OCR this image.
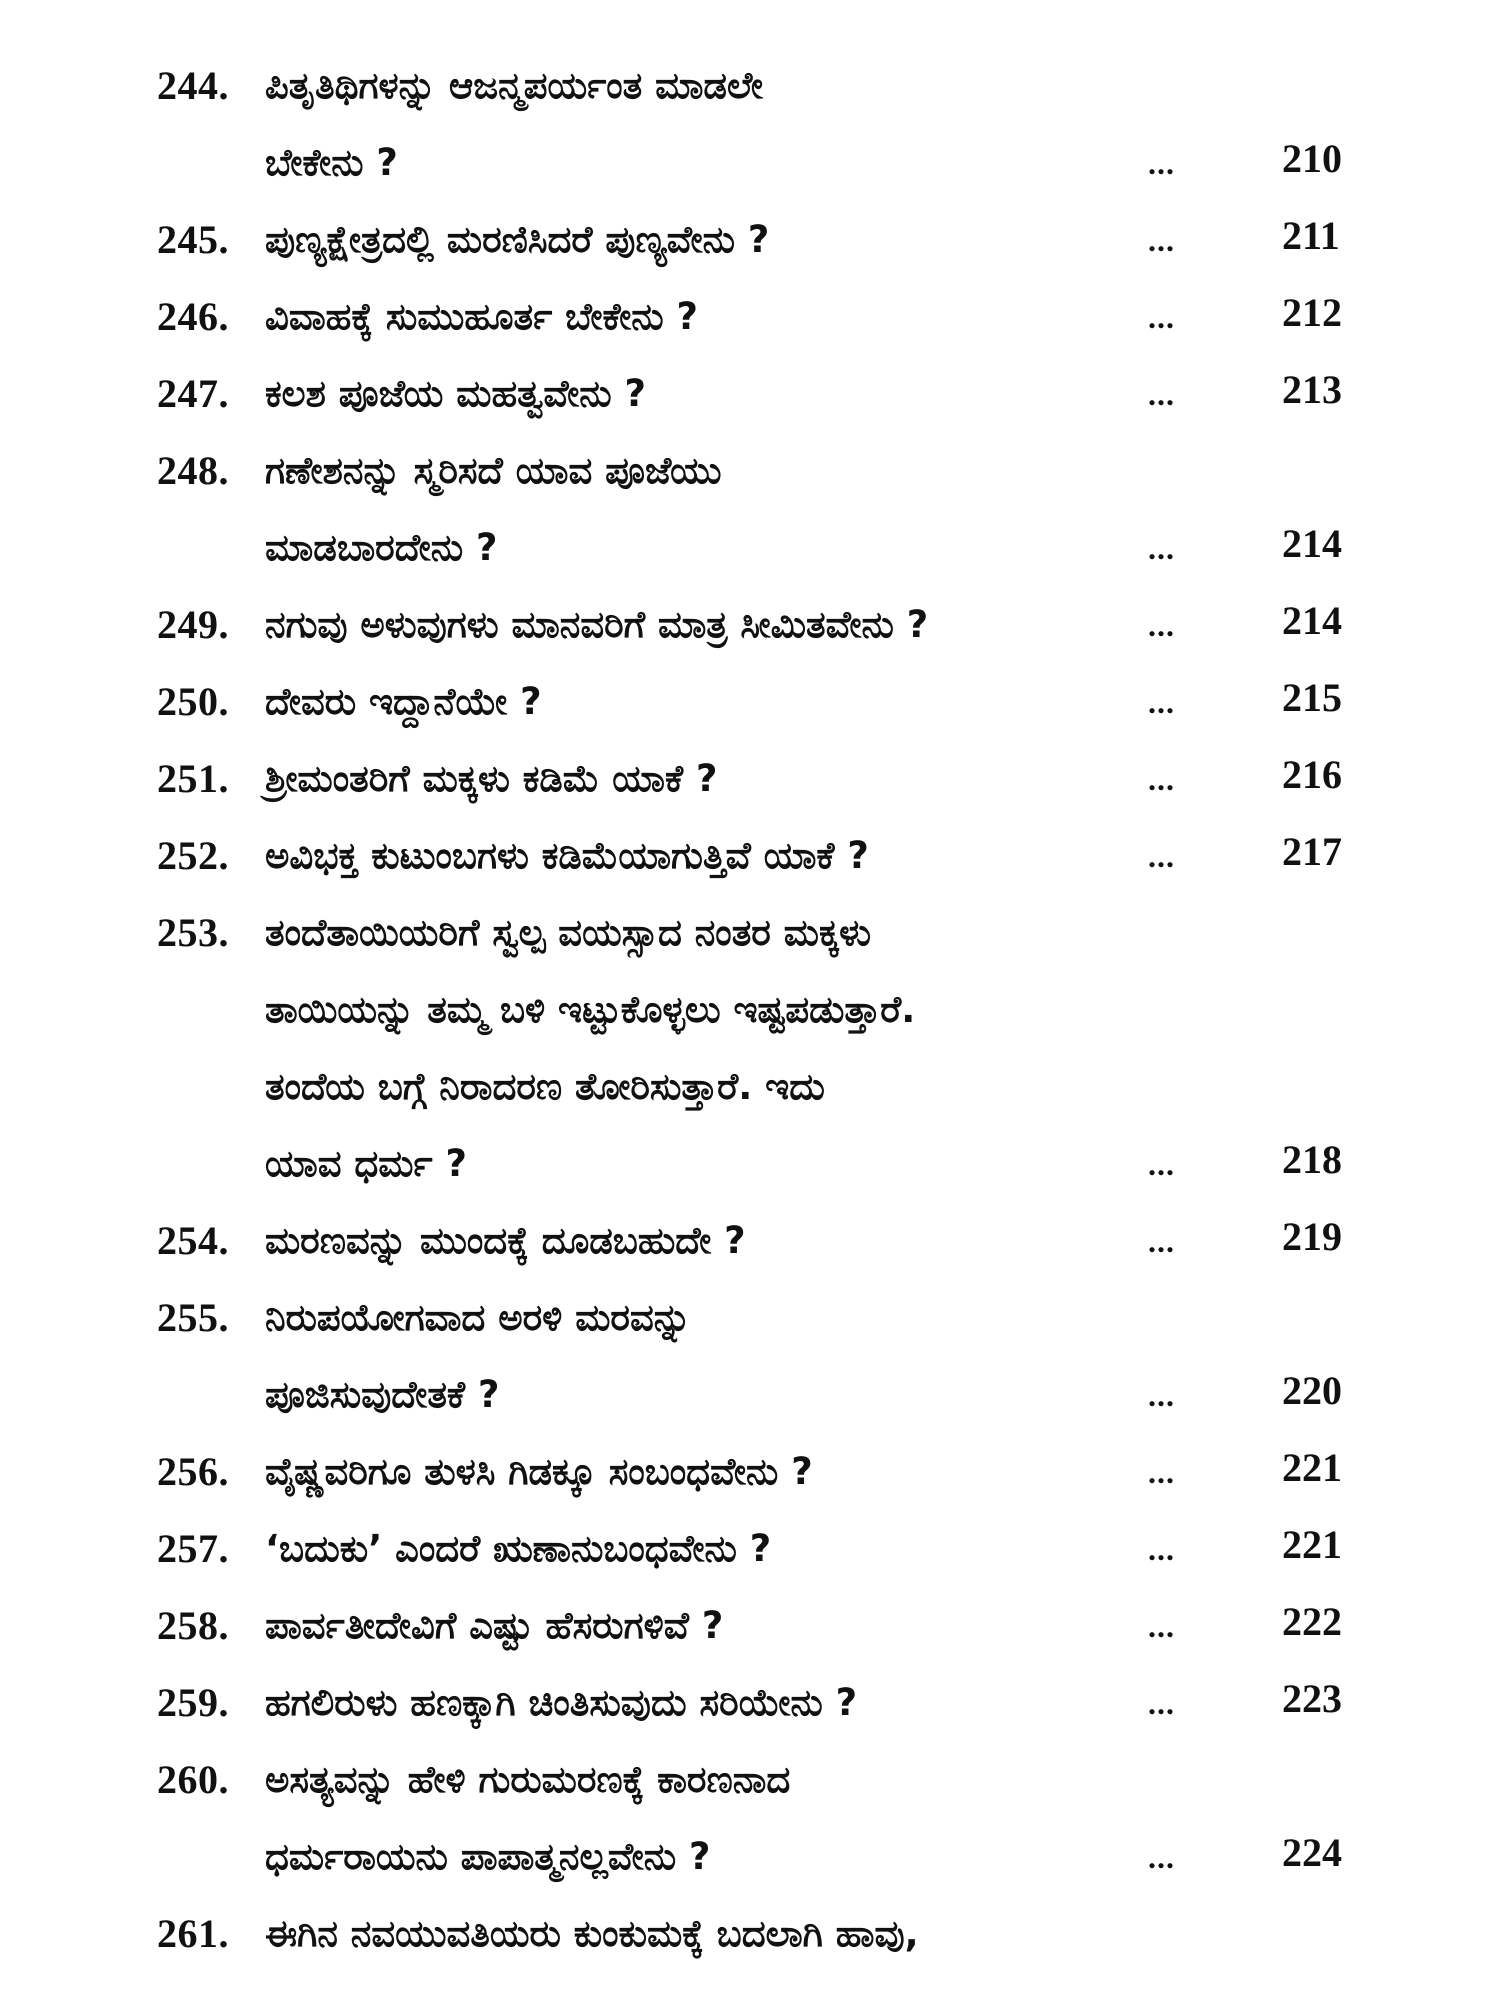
244. ಪಿತೃತಿಥಿಗಳನ್ನು ಆಜನ್ಮಪರ್ಯಂತ ಮಾಡಲೇ
ಬೇಕೇನು ?	...	210
245. ಪುಣ್ಯಕ್ಷೇತ್ರದಲ್ಲಿ ಮರಣಿಸಿದರೆ ಪುಣ್ಯವೇನು ?	...	211
246. ವಿವಾಹಕ್ಕೆ ಸುಮುಹೂರ್ತ ಬೇಕೇನು ?	...	212
247. ಕಲಶ ಪೂಜೆಯ ಮಹತ್ವವೇನು ?	...	213
248. ಗಣೇಶನನ್ನು ಸ್ಮರಿಸದೆ ಯಾವ ಪೂಜೆಯು
ಮಾಡಬಾರದೇನು ?	...	214
249. ನಗುವು ಅಳುವುಗಳು ಮಾನವರಿಗೆ ಮಾತ್ರ ಸೀಮಿತವೇನು ?	...	214
250. ದೇವರು ಇದ್ದಾನೆಯೇ ?	...	215
251. ಶ್ರೀಮಂತರಿಗೆ ಮಕ್ಕಳು ಕಡಿಮೆ ಯಾಕೆ ?	...	216
252. ಅವಿಭಕ್ತ ಕುಟುಂಬಗಳು ಕಡಿಮೆಯಾಗುತ್ತಿವೆ ಯಾಕೆ ?	...	217
253. ತಂದೆತಾಯಿಯರಿಗೆ ಸ್ವಲ್ಪ ವಯಸ್ಸಾದ ನಂತರ ಮಕ್ಕಳು
ತಾಯಿಯನ್ನು ತಮ್ಮ ಬಳಿ ಇಟ್ಟುಕೊಳ್ಳಲು ಇಷ್ಟಪಡುತ್ತಾರೆ.
ತಂದೆಯ ಬಗ್ಗೆ ನಿರಾದರಣ ತೋರಿಸುತ್ತಾರೆ. ಇದು
ಯಾವ ಧರ್ಮ ?	...	218
254. ಮರಣವನ್ನು ಮುಂದಕ್ಕೆ ದೂಡಬಹುದೇ ?	...	219
255. ನಿರುಪಯೋಗವಾದ ಅರಳಿ ಮರವನ್ನು
ಪೂಜಿಸುವುದೇತಕೆ ?	...	220
256. ವೈಷ್ಣವರಿಗೂ ತುಳಸಿ ಗಿಡಕ್ಕೂ ಸಂಬಂಧವೇನು ?	...	221
257. ‘ಬದುಕು’ ಎಂದರೆ ಋಣಾನುಬಂಧವೇನು ?	...	221
258. ಪಾರ್ವತೀದೇವಿಗೆ ಎಷ್ಟು ಹೆಸರುಗಳಿವೆ ?	...	222
259. ಹಗಲಿರುಳು ಹಣಕ್ಕಾಗಿ ಚಿಂತಿಸುವುದು ಸರಿಯೇನು ?	...	223
260. ಅಸತ್ಯವನ್ನು ಹೇಳಿ ಗುರುಮರಣಕ್ಕೆ ಕಾರಣನಾದ
ಧರ್ಮರಾಯನು ಪಾಪಾತ್ಮನಲ್ಲವೇನು ?	...	224
261. ಈಗಿನ ನವಯುವತಿಯರು ಕುಂಕುಮಕ್ಕೆ ಬದಲಾಗಿ ಹಾವು,
